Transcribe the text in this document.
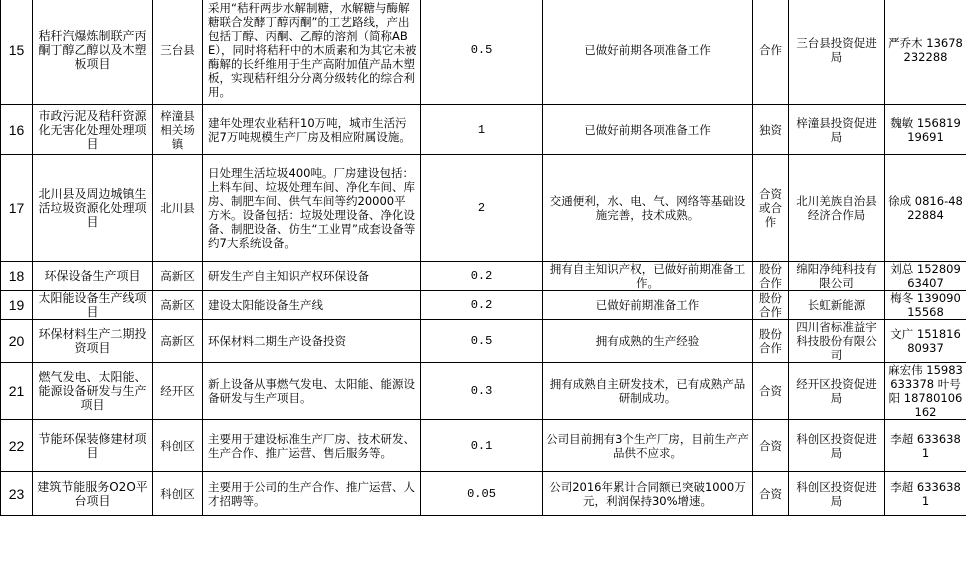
15	秸秆汽爆炼制联产丙酮丁醇乙醇以及木塑板项目	三台县	采用“秸秆两步水解制糖，水解糖与酶解糖联合发酵丁醇丙酮”的工艺路线，产出包括丁醇、丙酮、乙醇的溶剂（简称ABE），同时将秸秆中的木质素和为其它未被酶解的长纤维用于生产高附加值产品木塑板，实现秸秆组分分离分级转化的综合利用。	0.5	已做好前期各项准备工作	合作	三台县投资促进局	严乔木 13678232288
16	市政污泥及秸秆资源化无害化处理处理项目	梓潼县相关场镇	建年处理农业秸秆10万吨，城市生活污泥7万吨规模生产厂房及相应附属设施。	1	已做好前期各项准备工作	独资	梓潼县投资促进局	魏敏 15681919691
17	北川县及周边城镇生活垃圾资源化处理项目	北川县	日处理生活垃圾400吨。厂房建设包括：上料车间、垃圾处理车间、净化车间、库房、制肥车间、供气车间等约20000平方米。设备包括：垃圾处理设备、净化设备、制肥设备、仿生“工业胃”成套设备等约7大系统设备。	2	交通便利，水、电、气、网络等基础设施完善，技术成熟。	合资或合作	北川羌族自治县经济合作局	徐成 0816-4822884
18	环保设备生产项目	高新区	研发生产自主知识产权环保设备	0.2	拥有自主知识产权，已做好前期准备工作。	股份合作	绵阳净纯科技有限公司	刘总 15280963407
19	太阳能设备生产线项目	高新区	建设太阳能设备生产线	0.2	已做好前期准备工作	股份合作	长虹新能源	梅冬 13909015568
20	环保材料生产二期投资项目	高新区	环保材料二期生产设备投资	0.5	拥有成熟的生产经验	股份合作	四川省标准益宇科技股份有限公司	文广 15181680937
21	燃气发电、太阳能、能源设备研发与生产项目	经开区	新上设备从事燃气发电、太阳能、能源设备研发与生产项目。	0.3	拥有成熟自主研发技术，已有成熟产品研制成功。	合资	经开区投资促进局	麻宏伟 15983633378 叶号阳 18780106162
22	节能环保装修建材项目	科创区	主要用于建设标准生产厂房、技术研发、生产合作、推广运营、售后服务等。	0.1	公司目前拥有3个生产厂房，目前生产产品供不应求。	合资	科创区投资促进局	李超 6336381
23	建筑节能服务O2O平台项目	科创区	主要用于公司的生产合作、推广运营、人才招聘等。	0.05	公司2016年累计合同额已突破1000万元，利润保持30%增速。	合资	科创区投资促进局	李超 6336381
